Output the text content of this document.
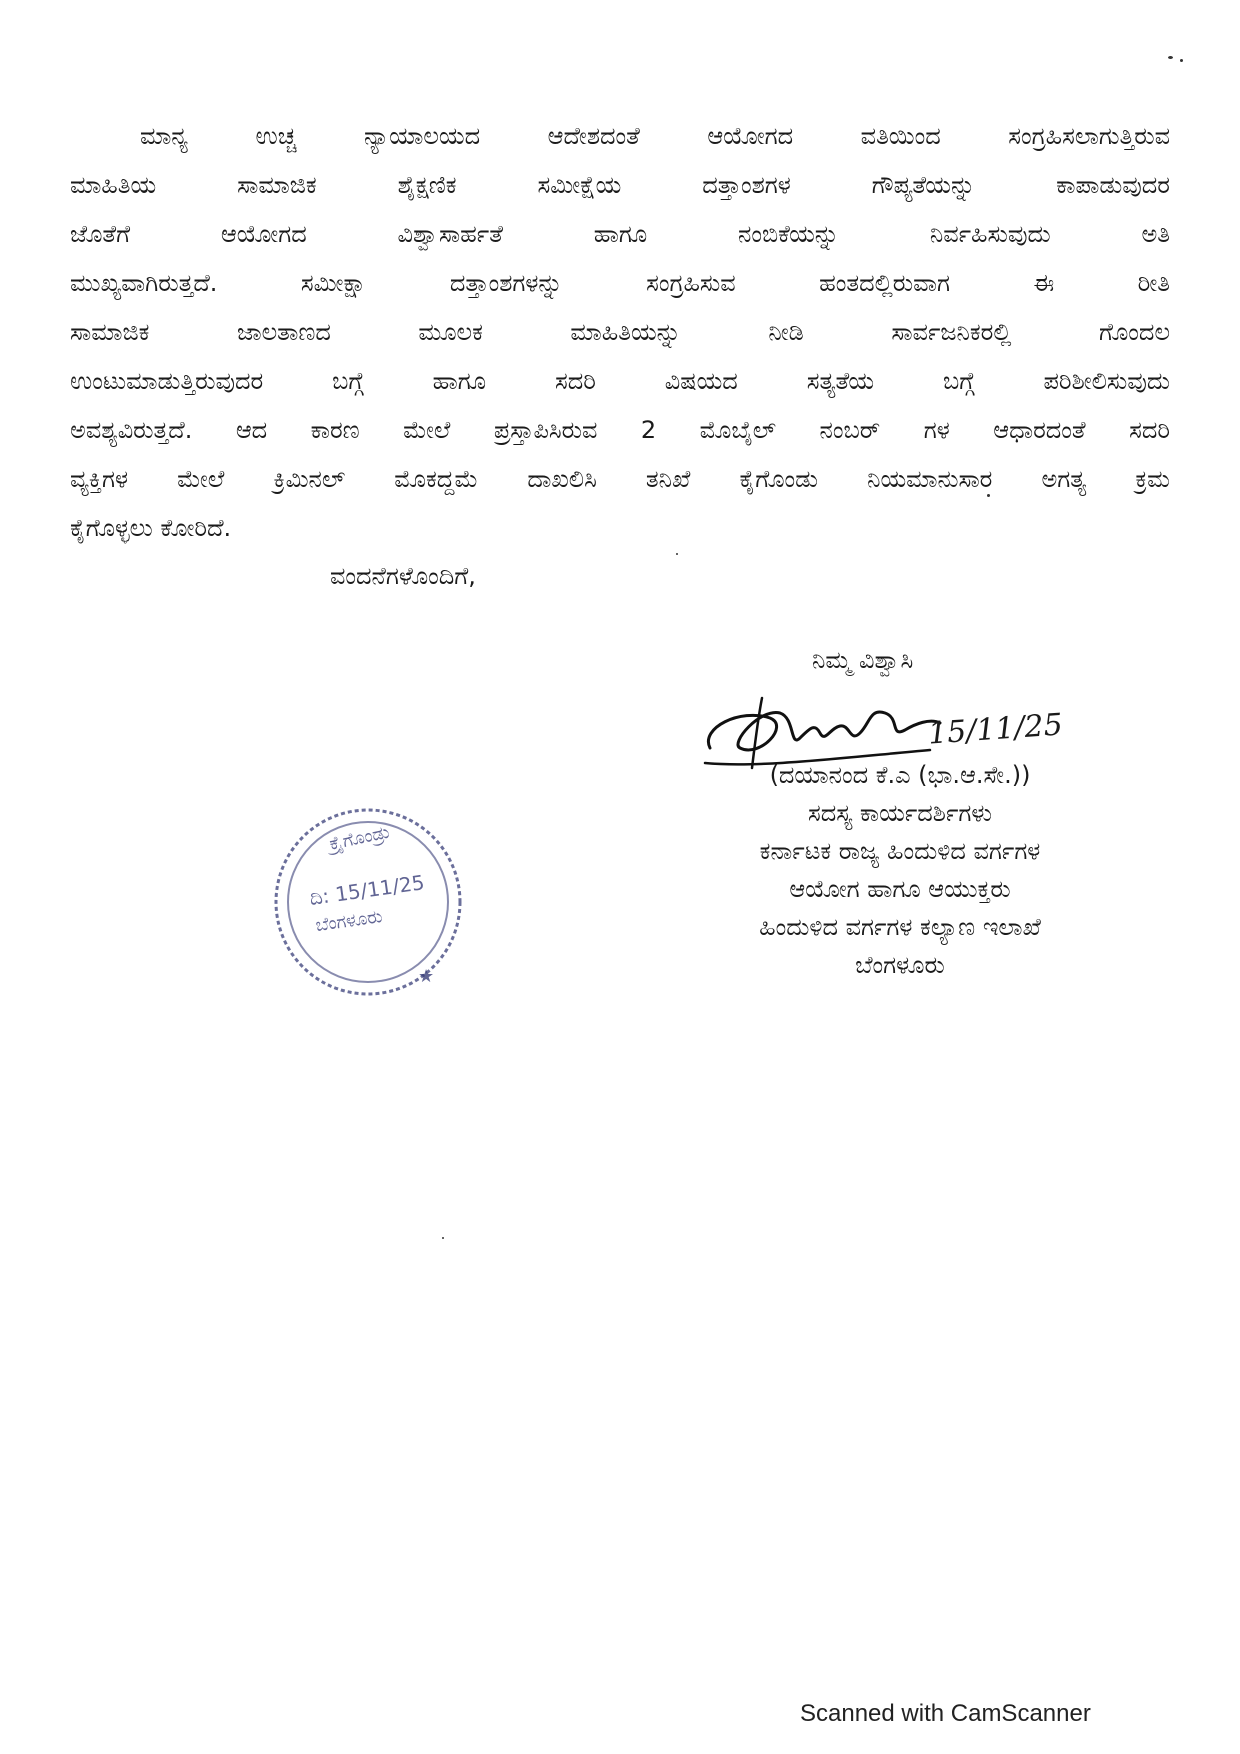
ಮಾನ್ಯ ಉಚ್ಚ ನ್ಯಾಯಾಲಯದ ಆದೇಶದಂತೆ ಆಯೋಗದ ವತಿಯಿಂದ ಸಂಗ್ರಹಿಸಲಾಗುತ್ತಿರುವ
ಮಾಹಿತಿಯ ಸಾಮಾಜಿಕ ಶೈಕ್ಷಣಿಕ ಸಮೀಕ್ಷೆಯ ದತ್ತಾಂಶಗಳ ಗೌಪ್ಯತೆಯನ್ನು ಕಾಪಾಡುವುದರ
ಜೊತೆಗೆ ಆಯೋಗದ ವಿಶ್ವಾಸಾರ್ಹತೆ ಹಾಗೂ ನಂಬಿಕೆಯನ್ನು ನಿರ್ವಹಿಸುವುದು ಅತಿ
ಮುಖ್ಯವಾಗಿರುತ್ತದೆ. ಸಮೀಕ್ಷಾ ದತ್ತಾಂಶಗಳನ್ನು ಸಂಗ್ರಹಿಸುವ ಹಂತದಲ್ಲಿರುವಾಗ ಈ ರೀತಿ
ಸಾಮಾಜಿಕ ಜಾಲತಾಣದ ಮೂಲಕ ಮಾಹಿತಿಯನ್ನು ನೀಡಿ ಸಾರ್ವಜನಿಕರಲ್ಲಿ ಗೊಂದಲ
ಉಂಟುಮಾಡುತ್ತಿರುವುದರ ಬಗ್ಗೆ ಹಾಗೂ ಸದರಿ ವಿಷಯದ ಸತ್ಯತೆಯ ಬಗ್ಗೆ ಪರಿಶೀಲಿಸುವುದು
ಅವಶ್ಯವಿರುತ್ತದೆ. ಆದ ಕಾರಣ ಮೇಲೆ ಪ್ರಸ್ತಾಪಿಸಿರುವ 2 ಮೊಬೈಲ್ ನಂಬರ್ ಗಳ ಆಧಾರದಂತೆ ಸದರಿ
ವ್ಯಕ್ತಿಗಳ ಮೇಲೆ ಕ್ರಿಮಿನಲ್ ಮೊಕದ್ದಮೆ ದಾಖಲಿಸಿ ತನಿಖೆ ಕೈಗೊಂಡು ನಿಯಮಾನುಸಾರ ಅಗತ್ಯ ಕ್ರಮ
ಕೈಗೊಳ್ಳಲು ಕೋರಿದೆ.
ವಂದನೆಗಳೊಂದಿಗೆ,
ನಿಮ್ಮ ವಿಶ್ವಾಸಿ
15/11/25
(ದಯಾನಂದ ಕೆ.ಎ (ಭಾ.ಆ.ಸೇ.))
ಸದಸ್ಯ ಕಾರ್ಯದರ್ಶಿಗಳು
ಕರ್ನಾಟಕ ರಾಜ್ಯ ಹಿಂದುಳಿದ ವರ್ಗಗಳ
ಆಯೋಗ ಹಾಗೂ ಆಯುಕ್ತರು
ಹಿಂದುಳಿದ ವರ್ಗಗಳ ಕಲ್ಯಾಣ ಇಲಾಖೆ
ಬೆಂಗಳೂರು
ಕ್ರೈಗೊಂಡ್ರು
ದಿ: 15/11/25
ಬೆಂಗಳೂರು
★
Scanned with CamScanner
